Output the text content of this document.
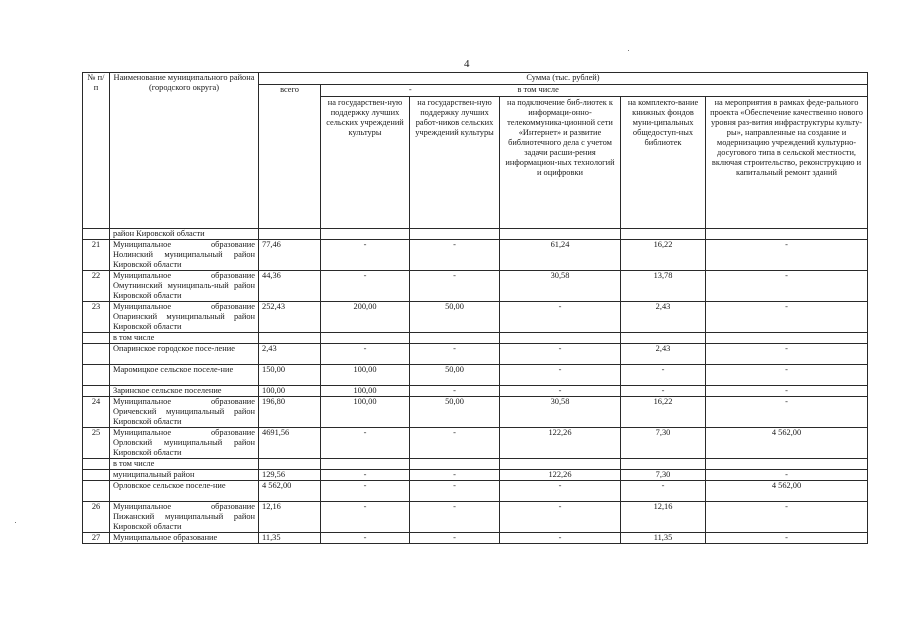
4
№ п/п	Наименование муниципального района (городского округа)	Сумма (тыс. рублей)					
		всего	-		в том числе		
			на государствен-ную поддержку лучших сельских учреждений культуры	на государствен-ную поддержку лучших работ-ников сельских учреждений культуры	на подключение биб-лиотек к информаци-онно-телекоммуника-ционной сети «Интернет» и развитие библиотечного дела с учетом задачи расши-рения информацион-ных технологий и оцифровки	на комплекто-вание книжных фондов муни-ципальных общедоступ-ных библиотек	на мероприятия в рамках феде-рального проекта «Обеспечение качественно нового уровня раз-вития инфраструктуры культу-ры», направленные на создание и модернизацию учреждений культурно-досугового типа в сельской местности, включая строительство, реконструкцию и капитальный ремонт зданий
	район Кировской области						
21	Муниципальное образование Нолинский муниципальный район Кировской области	77,46	-	-	61,24	16,22	-
22	Муниципальное образование Омутнинский муниципаль-ный район Кировской области	44,36	-	-	30,58	13,78	-
23	Муниципальное образование Опаринский муниципальный район Кировской области	252,43	200,00	50,00	-	2,43	-
	в том числе						
	Опаринское городское посе-ление	2,43	-	-	-	2,43	-
	Маромицкое сельское поселе-ние	150,00	100,00	50,00	-	-	-
	Заринское сельское поселение	100,00	100,00	-	-	-	-
24	Муниципальное образование Оричевский муниципальный район Кировской области	196,80	100,00	50,00	30,58	16,22	-
25	Муниципальное образование Орловский муниципальный район Кировской области	4691,56	-	-	122,26	7,30	4 562,00
	в том числе						
	муниципальный район	129,56	-	-	122,26	7,30	-
	Орловское сельское поселе-ние	4 562,00	-	-	-	-	4 562,00
26	Муниципальное образование Пижанский муниципальный район Кировской области	12,16	-	-	-	12,16	-
27	Муниципальное образование	11,35	-	-	-	11,35	-
